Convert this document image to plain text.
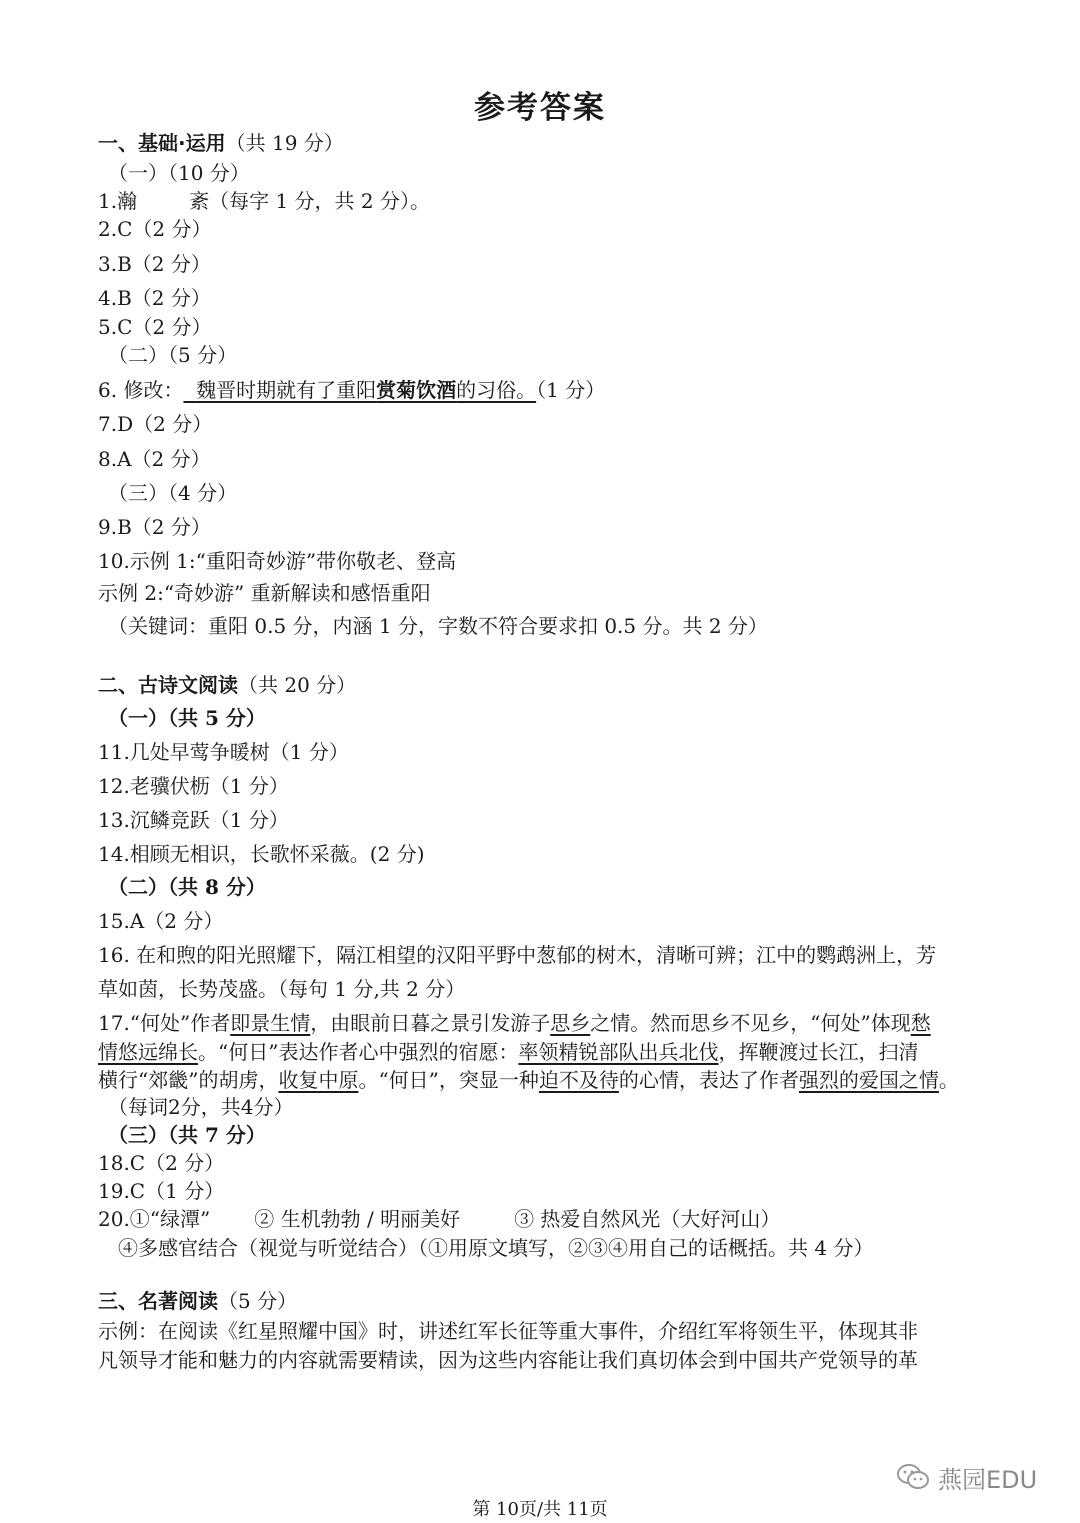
参考答案
一、基础·运用（共 19 分）
（一）（10 分）
1.瀚	紊（每字 1 分，共 2 分）。
2.C（2 分）
3.B（2 分）
4.B（2 分）
5.C（2 分）
（二）（5 分）
6. 修改： 魏晋时期就有了重阳赏菊饮酒的习俗。（1 分）
7.D（2 分）
8.A（2 分）
（三）（4 分）
9.B（2 分）
10.示例 1:“重阳奇妙游”带你敬老、登高
示例 2:“奇妙游” 重新解读和感悟重阳
（关键词：重阳 0.5 分，内涵 1 分，字数不符合要求扣 0.5 分。共 2 分）
二、古诗文阅读（共 20 分）
（一）（共 5 分）
11.几处早莺争暖树（1 分）
12.老骥伏枥（1 分）
13.沉鳞竞跃（1 分）
14.相顾无相识，长歌怀采薇。(2 分)
（二）（共 8 分）
15.A（2 分）
16. 在和煦的阳光照耀下，隔江相望的汉阳平野中葱郁的树木，清晰可辨；江中的鹦鹉洲上，芳
草如茵，长势茂盛。（每句 1 分,共 2 分）
17.“何处”作者即景生情，由眼前日暮之景引发游子思乡之情。然而思乡不见乡，“何处”体现愁
情悠远绵长。“何日”表达作者心中强烈的宿愿：率领精锐部队出兵北伐，挥鞭渡过长江，扫清
横行“郊畿”的胡虏，收复中原。“何日”，突显一种迫不及待的心情，表达了作者强烈的爱国之情。
（每词2分，共4分）
（三）（共 7 分）
18.C（2 分）
19.C（1 分）
20.①“绿潭” ② 生机勃勃 / 明丽美好	③ 热爱自然风光（大好河山）
④多感官结合（视觉与听觉结合）（①用原文填写，②③④用自己的话概括。共 4 分）
三、名著阅读（5 分）
示例：在阅读《红星照耀中国》时，讲述红军长征等重大事件，介绍红军将领生平，体现其非
凡领导才能和魅力的内容就需要精读，因为这些内容能让我们真切体会到中国共产党领导的革
燕园EDU
第 10页/共 11页
